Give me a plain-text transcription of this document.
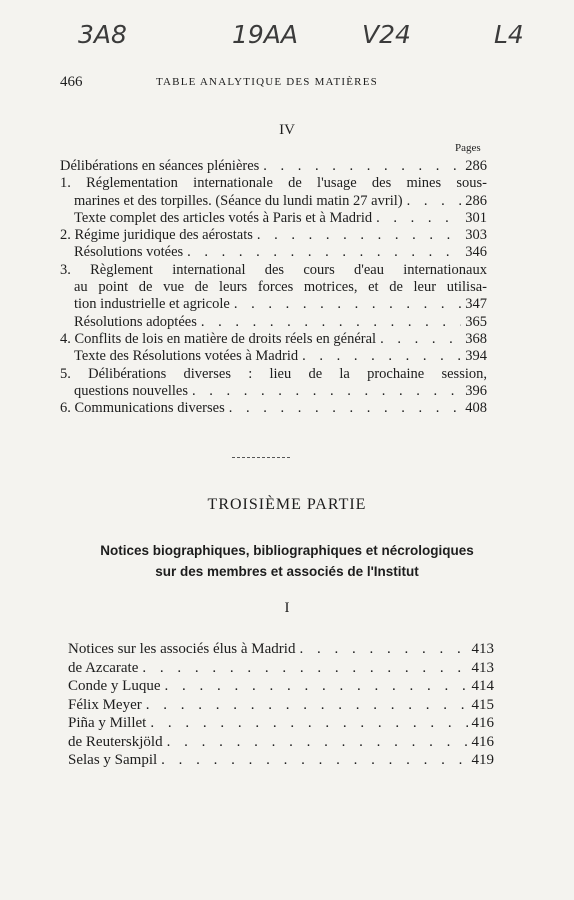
3A8	19AA	V24	L4
466	TABLE ANALYTIQUE DES MATIÈRES
IV
Pages
Délibérations en séances plénières . . .	286
1. Réglementation internationale de l'usage des mines sous-
marines et des torpilles. (Séance du lundi matin 27 avril) . . .	286
Texte complet des articles votés à Paris et à Madrid . . .	301
2. Régime juridique des aérostats . . .	303
Résolutions votées . . .	346
3. Règlement international des cours d'eau internationaux
au point de vue de leurs forces motrices, et de leur utilisa-
tion industrielle et agricole . . .	347
Résolutions adoptées . . .	365
4. Conflits de lois en matière de droits réels en général . . .	368
Texte des Résolutions votées à Madrid . . .	394
5. Délibérations diverses : lieu de la prochaine session,
questions nouvelles . . .	396
6. Communications diverses . . .	408
TROISIÈME PARTIE
Notices biographiques, bibliographiques et nécrologiques
sur des membres et associés de l'Institut
I
Notices sur les associés élus à Madrid . . .	413
de Azcarate . . .	413
Conde y Luque . . .	414
Félix Meyer . . .	415
Piña y Millet . . .	416
de Reuterskjöld . . .	416
Selas y Sampil . . .	419
